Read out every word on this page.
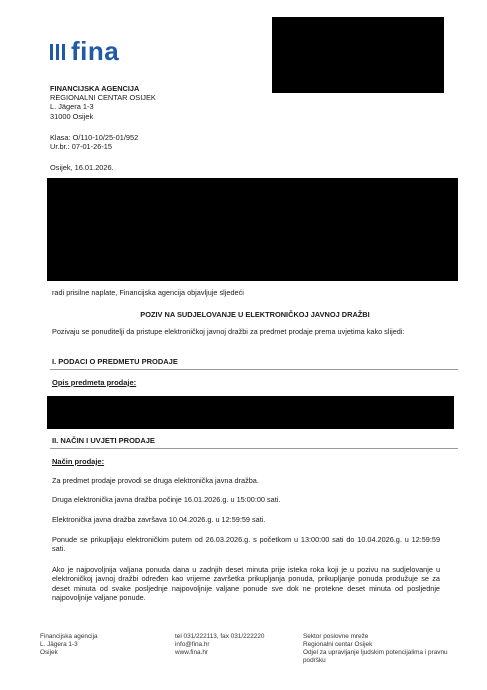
fina
FINANCIJSKA AGENCIJA
REGIONALNI CENTAR OSIJEK
L. Jägera 1-3
31000 Osijek
Klasa: O/110-10/25-01/952
Ur.br.: 07-01-26-15
Osijek, 16.01.2026.
radi prisilne naplate, Financijska agencija objavljuje sljedeći
POZIV NA SUDJELOVANJE U ELEKTRONIČKOJ JAVNOJ DRAŽBI
Pozivaju se ponuditelji da pristupe elektroničkoj javnoj dražbi za predmet prodaje prema uvjetima kako slijedi:
I. PODACI O PREDMETU PRODAJE
Opis predmeta prodaje:
II. NAČIN I UVJETI PRODAJE
Način prodaje:
Za predmet prodaje provodi se druga elektronička javna dražba.
Druga elektronička javna dražba počinje 16.01.2026.g. u 15:00:00 sati.
Elektronička javna dražba završava 10.04.2026.g. u 12:59:59 sati.
Ponude se prikupljaju elektroničkim putem od 26.03.2026.g. s početkom u 13:00:00 sati do 10.04.2026.g. u 12:59:59 sati.
Ako je najpovoljnija valjana ponuda dana u zadnjih deset minuta prije isteka roka koji je u pozivu na sudjelovanje u elektroničkoj javnoj dražbi određen kao vrijeme završetka prikupljanja ponuda, prikupljanje ponuda produžuje se za deset minuta od svake posljednje najpovoljnije valjane ponude sve dok ne protekne deset minuta od posljednje najpovoljnije valjane ponude.
Financijska agencija
L. Jägera 1-3
Osijek
tel 031/222113, fax 031/222220
info@fina.hr
www.fina.hr
Sektor poslovne mreže
Regionalni centar Osijek
Odjel za upravljanje ljudskim potencijalima i pravnu podršku
